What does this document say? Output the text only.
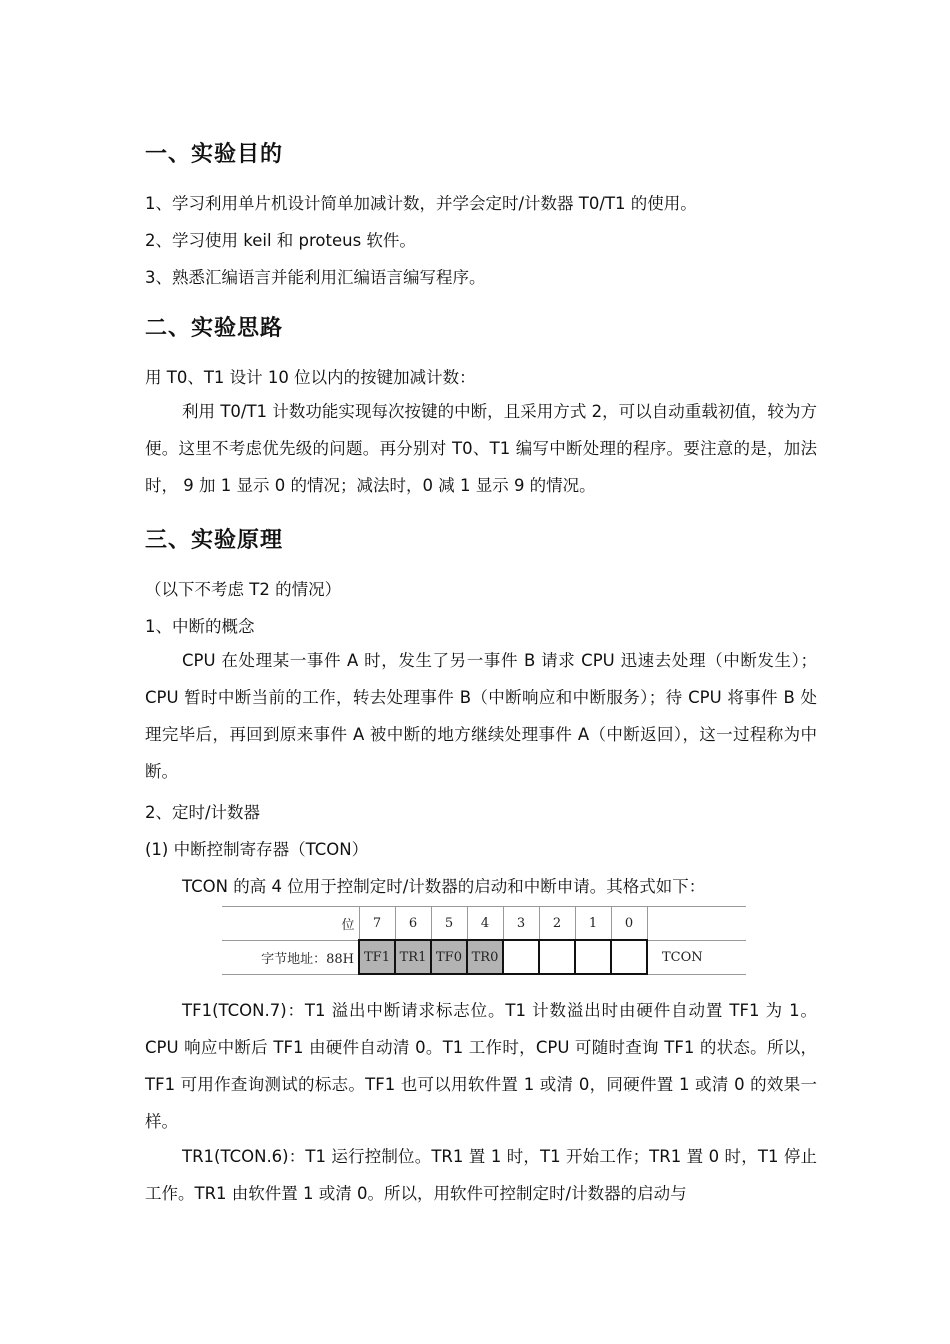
一、实验目的

1、学习利用单片机设计简单加减计数，并学会定时/计数器 T0/T1 的使用。

2、学习使用 keil 和 proteus 软件。

3、熟悉汇编语言并能利用汇编语言编写程序。

二、实验思路

用 T0、T1 设计 10 位以内的按键加减计数：

利用 T0/T1 计数功能实现每次按键的中断，且采用方式 2，可以自动重载初值，较为方便。这里不考虑优先级的问题。再分别对 T0、T1 编写中断处理的程序。要注意的是，加法时， 9 加 1 显示 0 的情况；减法时，0 减 1 显示 9 的情况。

三、实验原理

（以下不考虑 T2 的情况）

1、中断的概念

CPU 在处理某一事件 A 时，发生了另一事件 B 请求 CPU 迅速去处理（中断发生）；CPU 暂时中断当前的工作，转去处理事件 B（中断响应和中断服务）；待 CPU 将事件 B 处理完毕后，再回到原来事件 A 被中断的地方继续处理事件 A（中断返回），这一过程称为中断。

2、定时/计数器

(1) 中断控制寄存器（TCON）

TCON 的高 4 位用于控制定时/计数器的启动和中断申请。其格式如下：

位	7	6	5	4	3	2	1	0	
字节地址：88H	TF1	TR1	TF0	TR0					TCON

TF1(TCON.7)：T1 溢出中断请求标志位。T1 计数溢出时由硬件自动置 TF1 为 1。CPU 响应中断后 TF1 由硬件自动清 0。T1 工作时，CPU 可随时查询 TF1 的状态。所以，TF1 可用作查询测试的标志。TF1 也可以用软件置 1 或清 0，同硬件置 1 或清 0 的效果一样。

TR1(TCON.6)：T1 运行控制位。TR1 置 1 时，T1 开始工作；TR1 置 0 时，T1 停止工作。TR1 由软件置 1 或清 0。所以，用软件可控制定时/计数器的启动与
